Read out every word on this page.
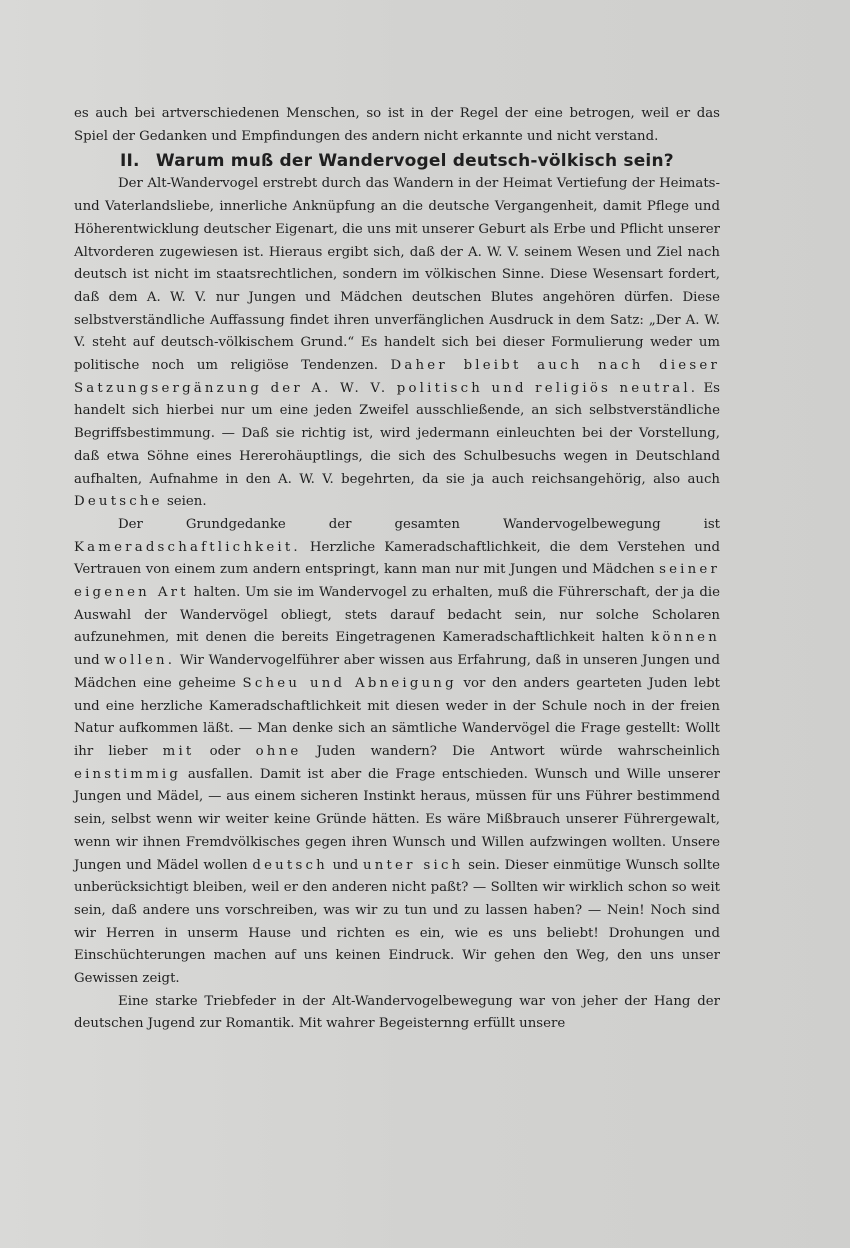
es auch bei artverschiedenen Menschen, so ist in der Regel der eine betrogen, weil er das Spiel der Gedanken und Empfindungen des andern nicht erkannte und nicht verstand.

II. Warum muß der Wandervogel deutsch-völkisch sein?

Der Alt-Wandervogel erstrebt durch das Wandern in der Heimat Vertiefung der Heimats- und Vaterlandsliebe, innerliche Anknüpfung an die deutsche Vergangenheit, damit Pflege und Höherentwicklung deutscher Eigenart, die uns mit unserer Geburt als Erbe und Pflicht unserer Altvorderen zugewiesen ist. Hieraus ergibt sich, daß der A. W. V. seinem Wesen und Ziel nach deutsch ist nicht im staatsrechtlichen, sondern im völkischen Sinne. Diese Wesensart fordert, daß dem A. W. V. nur Jungen und Mädchen deutschen Blutes angehören dürfen. Diese selbstverständliche Auffassung findet ihren unverfänglichen Ausdruck in dem Satz: „Der A. W. V. steht auf deutsch-völkischem Grund.“ Es handelt sich bei dieser Formulierung weder um politische noch um religiöse Tendenzen. Daher bleibt auch nach dieser Satzungsergänzung der A. W. V. politisch und religiös neutral. Es handelt sich hierbei nur um eine jeden Zweifel ausschließende, an sich selbstverständliche Begriffsbestimmung. — Daß sie richtig ist, wird jedermann einleuchten bei der Vorstellung, daß etwa Söhne eines Hererohäuptlings, die sich des Schulbesuchs wegen in Deutschland aufhalten, Aufnahme in den A. W. V. begehrten, da sie ja auch reichsangehörig, also auch Deutsche seien.

Der Grundgedanke der gesamten Wandervogelbewegung ist Kameradschaftlichkeit. Herzliche Kameradschaftlichkeit, die dem Verstehen und Vertrauen von einem zum andern entspringt, kann man nur mit Jungen und Mädchen seiner eigenen Art halten. Um sie im Wandervogel zu erhalten, muß die Führerschaft, der ja die Auswahl der Wandervögel obliegt, stets darauf bedacht sein, nur solche Scholaren aufzunehmen, mit denen die bereits Eingetragenen Kameradschaftlichkeit halten können und wollen. Wir Wandervogelführer aber wissen aus Erfahrung, daß in unseren Jungen und Mädchen eine geheime Scheu und Abneigung vor den anders gearteten Juden lebt und eine herzliche Kameradschaftlichkeit mit diesen weder in der Schule noch in der freien Natur aufkommen läßt. — Man denke sich an sämtliche Wandervögel die Frage gestellt: Wollt ihr lieber mit oder ohne Juden wandern? Die Antwort würde wahrscheinlich einstimmig ausfallen. Damit ist aber die Frage entschieden. Wunsch und Wille unserer Jungen und Mädel, — aus einem sicheren Instinkt heraus, müssen für uns Führer bestimmend sein, selbst wenn wir weiter keine Gründe hätten. Es wäre Mißbrauch unserer Führergewalt, wenn wir ihnen Fremdvölkisches gegen ihren Wunsch und Willen aufzwingen wollten. Unsere Jungen und Mädel wollen deutsch und unter sich sein. Dieser einmütige Wunsch sollte unberücksichtigt bleiben, weil er den anderen nicht paßt? — Sollten wir wirklich schon so weit sein, daß andere uns vorschreiben, was wir zu tun und zu lassen haben? — Nein! Noch sind wir Herren in unserm Hause und richten es ein, wie es uns beliebt! Drohungen und Einschüchterungen machen auf uns keinen Eindruck. Wir gehen den Weg, den uns unser Gewissen zeigt.

Eine starke Triebfeder in der Alt-Wandervogelbewegung war von jeher der Hang der deutschen Jugend zur Romantik. Mit wahrer Begeisternng erfüllt unsere
